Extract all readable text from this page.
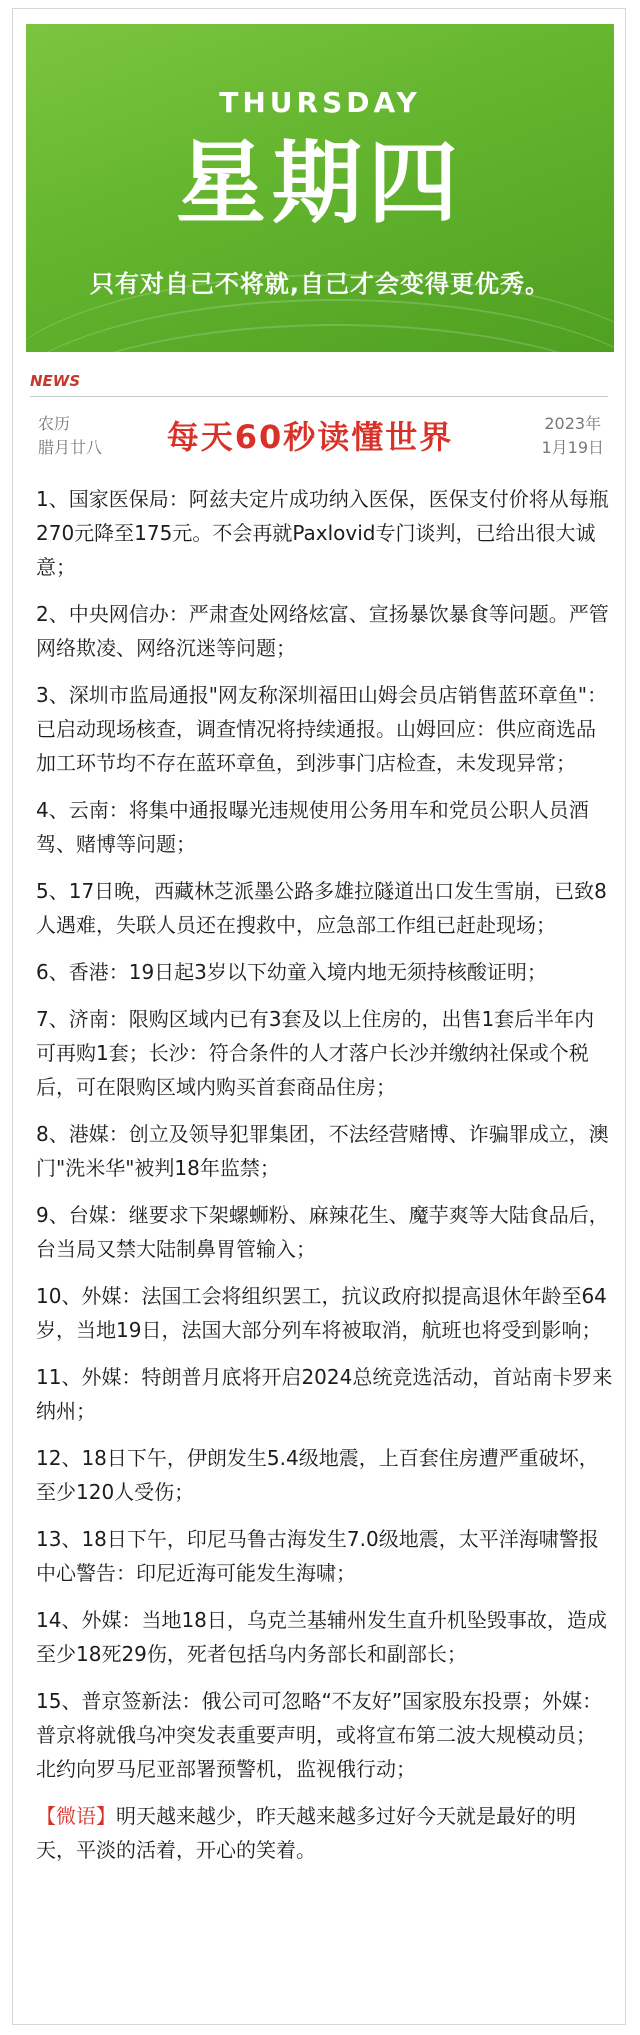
THURSDAY
星期四
只有对自己不将就,自己才会变得更优秀。
NEWS
农历
腊月廿八	每天60秒读懂世界	2023年
1月19日

1、国家医保局：阿兹夫定片成功纳入医保，医保支付价将从每瓶270元降至175元。不会再就Paxlovid专门谈判，已给出很大诚意；

2、中央网信办：严肃查处网络炫富、宣扬暴饮暴食等问题。严管网络欺凌、网络沉迷等问题；

3、深圳市监局通报"网友称深圳福田山姆会员店销售蓝环章鱼"：已启动现场核查，调查情况将持续通报。山姆回应：供应商选品加工环节均不存在蓝环章鱼，到涉事门店检查，未发现异常；

4、云南：将集中通报曝光违规使用公务用车和党员公职人员酒驾、赌博等问题；

5、17日晚，西藏林芝派墨公路多雄拉隧道出口发生雪崩，已致8人遇难，失联人员还在搜救中，应急部工作组已赶赴现场；

6、香港：19日起3岁以下幼童入境内地无须持核酸证明；

7、济南：限购区域内已有3套及以上住房的，出售1套后半年内可再购1套；长沙：符合条件的人才落户长沙并缴纳社保或个税后，可在限购区域内购买首套商品住房；

8、港媒：创立及领导犯罪集团，不法经营赌博、诈骗罪成立，澳门"洗米华"被判18年监禁；

9、台媒：继要求下架螺蛳粉、麻辣花生、魔芋爽等大陆食品后，台当局又禁大陆制鼻胃管输入；

10、外媒：法国工会将组织罢工，抗议政府拟提高退休年龄至64岁，当地19日，法国大部分列车将被取消，航班也将受到影响；

11、外媒：特朗普月底将开启2024总统竞选活动，首站南卡罗来纳州；

12、18日下午，伊朗发生5.4级地震，上百套住房遭严重破坏，至少120人受伤；

13、18日下午，印尼马鲁古海发生7.0级地震，太平洋海啸警报中心警告：印尼近海可能发生海啸；

14、外媒：当地18日，乌克兰基辅州发生直升机坠毁事故，造成至少18死29伤，死者包括乌内务部长和副部长；

15、普京签新法：俄公司可忽略“不友好”国家股东投票；外媒：普京将就俄乌冲突发表重要声明，或将宣布第二波大规模动员；北约向罗马尼亚部署预警机，监视俄行动；

【微语】明天越来越少，昨天越来越多过好今天就是最好的明天，平淡的活着，开心的笑着。
